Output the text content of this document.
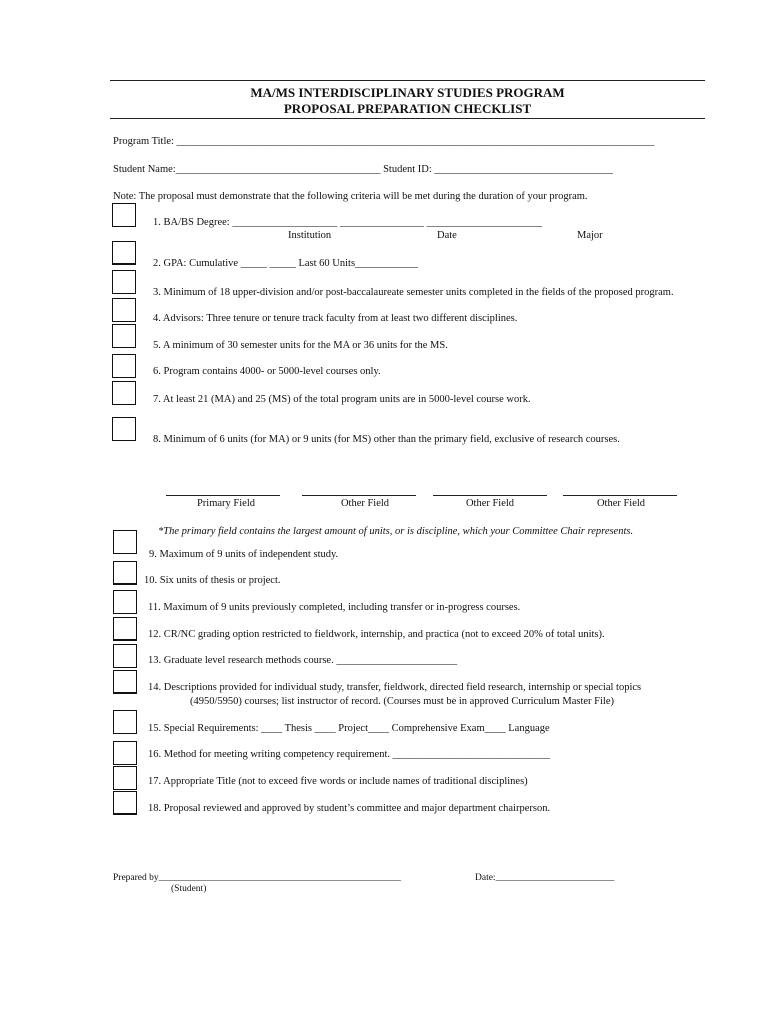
MA/MS INTERDISCIPLINARY STUDIES PROGRAM
PROPOSAL PREPARATION CHECKLIST
Program Title: ___________________________________________________________________________________________
Student Name:_______________________________________ Student ID: __________________________________
Note: The proposal must demonstrate that the following criteria will be met during the duration of your program.
1. BA/BS Degree: ____________________ ________________ ______________________
Institution	Date	Major
2. GPA: Cumulative _____ _____ Last 60 Units____________
3. Minimum of 18 upper-division and/or post-baccalaureate semester units completed in the fields of the proposed program.
4. Advisors: Three tenure or tenure track faculty from at least two different disciplines.
5. A minimum of 30 semester units for the MA or 36 units for the MS.
6. Program contains 4000- or 5000-level courses only.
7. At least 21 (MA) and 25 (MS) of the total program units are in 5000-level course work.
8. Minimum of 6 units (for MA) or 9 units (for MS) other than the primary field, exclusive of research courses.
Primary Field	Other Field	Other Field	Other Field
*The primary field contains the largest amount of units, or is discipline, which your Committee Chair represents.
9. Maximum of 9 units of independent study.
10. Six units of thesis or project.
11. Maximum of 9 units previously completed, including transfer or in-progress courses.
12. CR/NC grading option restricted to fieldwork, internship, and practica (not to exceed 20% of total units).
13. Graduate level research methods course. _______________________
14. Descriptions provided for individual study, transfer, fieldwork, directed field research, internship or special topics
(4950/5950) courses; list instructor of record. (Courses must be in approved Curriculum Master File)
15. Special Requirements: ____ Thesis ____ Project____ Comprehensive Exam____ Language
16. Method for meeting writing competency requirement. ______________________________
17. Appropriate Title (not to exceed five words or include names of traditional disciplines)
18. Proposal reviewed and approved by student’s committee and major department chairperson.
Prepared by___________________________________________________
(Student)
Date:_________________________
